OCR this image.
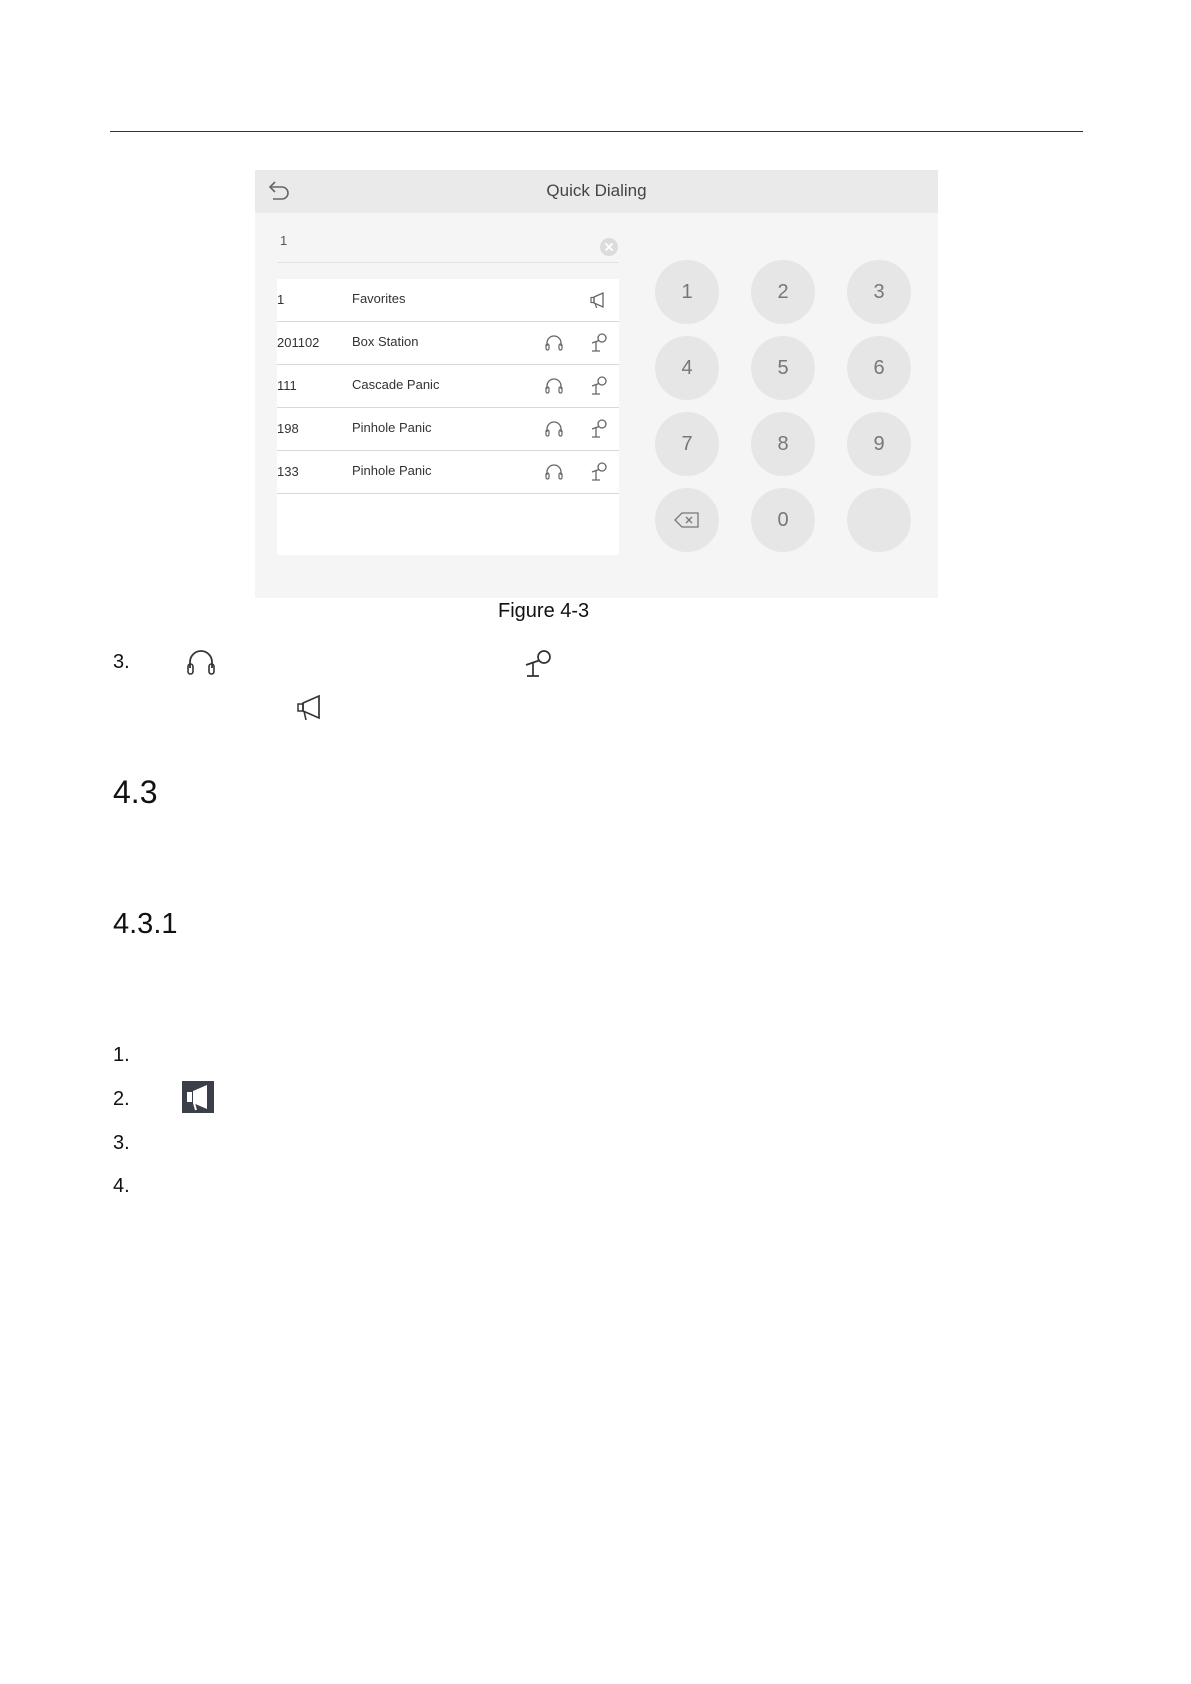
Quick Dialing
1
1	Favorites
201102	Box Station
111	Cascade Panic
198	Pinhole Panic
133	Pinhole Panic
1	2	3
4	5	6
7	8	9
0
Figure 4-3
3.
4.3
4.3.1
1.
2.
3.
4.
